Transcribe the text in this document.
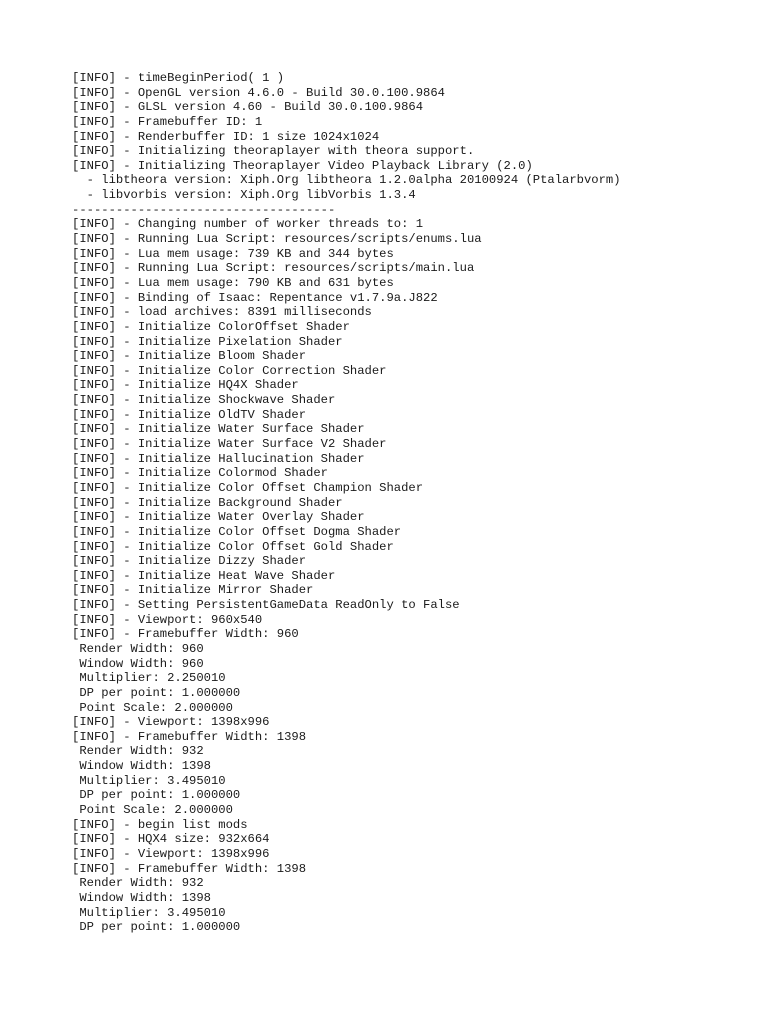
[INFO] - timeBeginPeriod( 1 )
[INFO] - OpenGL version 4.6.0 - Build 30.0.100.9864
[INFO] - GLSL version 4.60 - Build 30.0.100.9864
[INFO] - Framebuffer ID: 1
[INFO] - Renderbuffer ID: 1 size 1024x1024
[INFO] - Initializing theoraplayer with theora support.
[INFO] - Initializing Theoraplayer Video Playback Library (2.0)
- libtheora version: Xiph.Org libtheora 1.2.0alpha 20100924 (Ptalarbvorm)
- libvorbis version: Xiph.Org libVorbis 1.3.4
------------------------------------
[INFO] - Changing number of worker threads to: 1
[INFO] - Running Lua Script: resources/scripts/enums.lua
[INFO] - Lua mem usage: 739 KB and 344 bytes
[INFO] - Running Lua Script: resources/scripts/main.lua
[INFO] - Lua mem usage: 790 KB and 631 bytes
[INFO] - Binding of Isaac: Repentance v1.7.9a.J822
[INFO] - load archives: 8391 milliseconds
[INFO] - Initialize ColorOffset Shader
[INFO] - Initialize Pixelation Shader
[INFO] - Initialize Bloom Shader
[INFO] - Initialize Color Correction Shader
[INFO] - Initialize HQ4X Shader
[INFO] - Initialize Shockwave Shader
[INFO] - Initialize OldTV Shader
[INFO] - Initialize Water Surface Shader
[INFO] - Initialize Water Surface V2 Shader
[INFO] - Initialize Hallucination Shader
[INFO] - Initialize Colormod Shader
[INFO] - Initialize Color Offset Champion Shader
[INFO] - Initialize Background Shader
[INFO] - Initialize Water Overlay Shader
[INFO] - Initialize Color Offset Dogma Shader
[INFO] - Initialize Color Offset Gold Shader
[INFO] - Initialize Dizzy Shader
[INFO] - Initialize Heat Wave Shader
[INFO] - Initialize Mirror Shader
[INFO] - Setting PersistentGameData ReadOnly to False
[INFO] - Viewport: 960x540
[INFO] - Framebuffer Width: 960
Render Width: 960
Window Width: 960
Multiplier: 2.250010
DP per point: 1.000000
Point Scale: 2.000000
[INFO] - Viewport: 1398x996
[INFO] - Framebuffer Width: 1398
Render Width: 932
Window Width: 1398
Multiplier: 3.495010
DP per point: 1.000000
Point Scale: 2.000000
[INFO] - begin list mods
[INFO] - HQX4 size: 932x664
[INFO] - Viewport: 1398x996
[INFO] - Framebuffer Width: 1398
Render Width: 932
Window Width: 1398
Multiplier: 3.495010
DP per point: 1.000000
